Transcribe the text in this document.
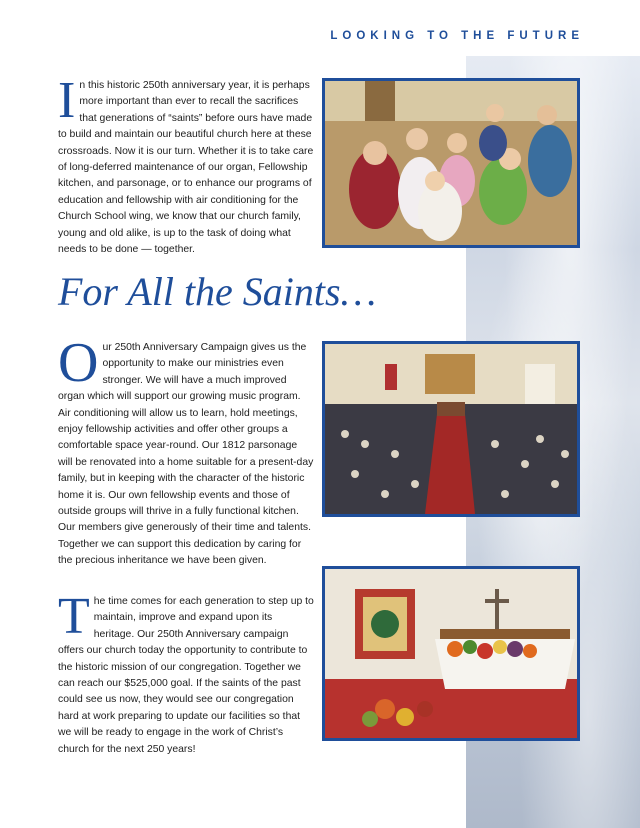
LOOKING TO THE FUTURE
In this historic 250th anniversary year, it is perhaps more important than ever to recall the sacrifices that generations of “saints” before ours have made to build and maintain our beautiful church here at these crossroads. Now it is our turn. Whether it is to take care of long-deferred maintenance of our organ, Fellowship kitchen, and parsonage, or to enhance our programs of education and fellowship with air conditioning for the Church School wing, we know that our church family, young and old alike, is up to the task of doing what needs to be done — together.
For All the Saints…
Our 250th Anniversary Campaign gives us the opportunity to make our ministries even stronger. We will have a much improved organ which will support our growing music program. Air conditioning will allow us to learn, hold meetings, enjoy fellowship activities and offer other groups a comfortable space year-round. Our 1812 parsonage will be renovated into a home suitable for a present-day family, but in keeping with the character of the historic home it is. Our own fellowship events and those of outside groups will thrive in a fully functional kitchen. Our members give generously of their time and talents. Together we can support this dedication by caring for the precious inheritance we have been given.
The time comes for each generation to step up to maintain, improve and expand upon its heritage. Our 250th Anniversary campaign offers our church today the opportunity to contribute to the historic mission of our congregation. Together we can reach our $525,000 goal. If the saints of the past could see us now, they would see our congregation hard at work preparing to update our facilities so that we will be ready to engage in the work of Christ’s church for the next 250 years!
